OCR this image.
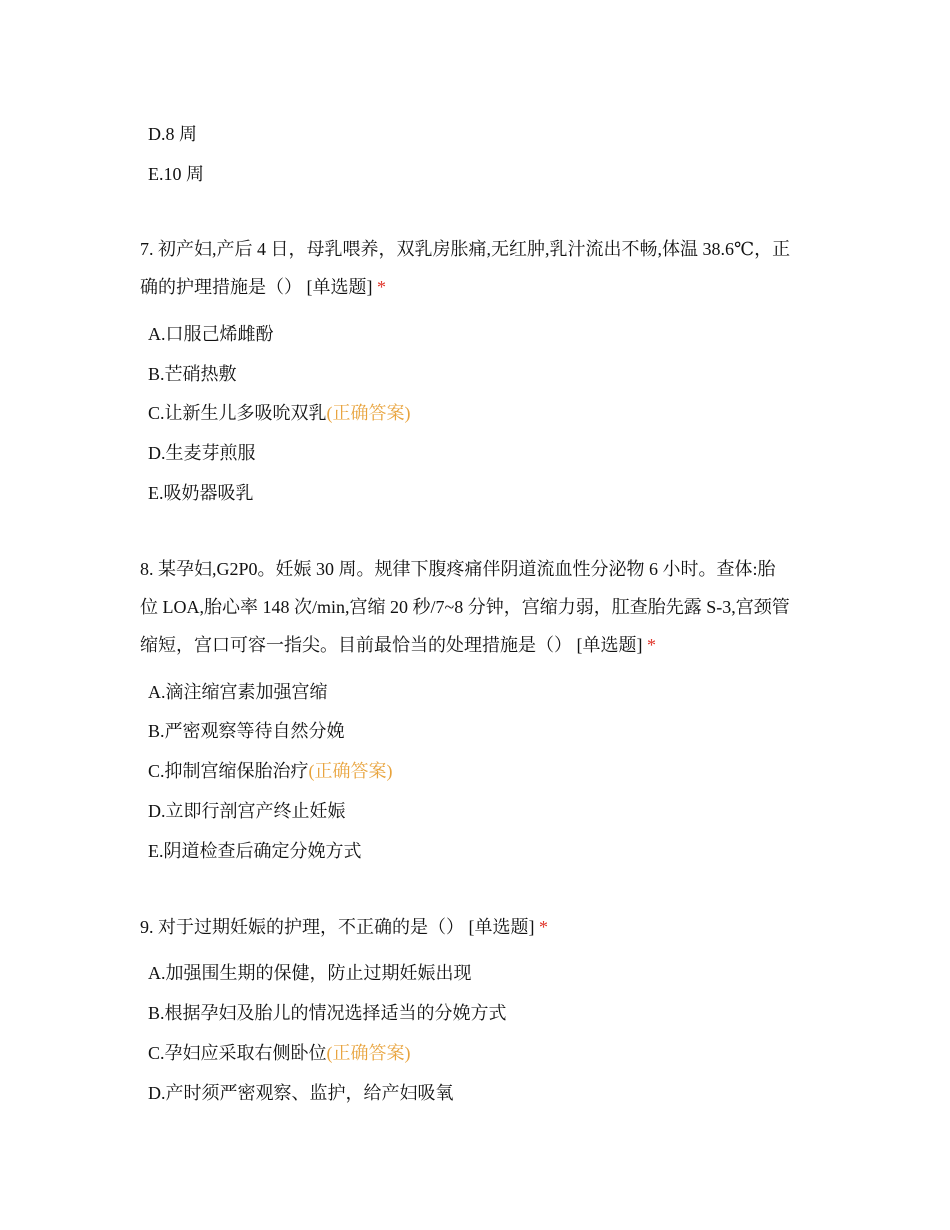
D.8 周
E.10 周
7. 初产妇,产后 4 日，母乳喂养，双乳房胀痛,无红肿,乳汁流出不畅,体温 38.6℃，正
确的护理措施是（） [单选题] *
A.口服己烯雌酚
B.芒硝热敷
C.让新生儿多吸吮双乳(正确答案)
D.生麦芽煎服
E.吸奶器吸乳
8. 某孕妇,G2P0。妊娠 30 周。规律下腹疼痛伴阴道流血性分泌物 6 小时。查体:胎
位 LOA,胎心率 148 次/min,宫缩 20 秒/7~8 分钟，宫缩力弱，肛查胎先露 S-3,宫颈管
缩短，宫口可容一指尖。目前最恰当的处理措施是（） [单选题] *
A.滴注缩宫素加强宫缩
B.严密观察等待自然分娩
C.抑制宫缩保胎治疗(正确答案)
D.立即行剖宫产终止妊娠
E.阴道检查后确定分娩方式
9. 对于过期妊娠的护理，不正确的是（） [单选题] *
A.加强围生期的保健，防止过期妊娠出现
B.根据孕妇及胎儿的情况选择适当的分娩方式
C.孕妇应采取右侧卧位(正确答案)
D.产时须严密观察、监护，给产妇吸氧
